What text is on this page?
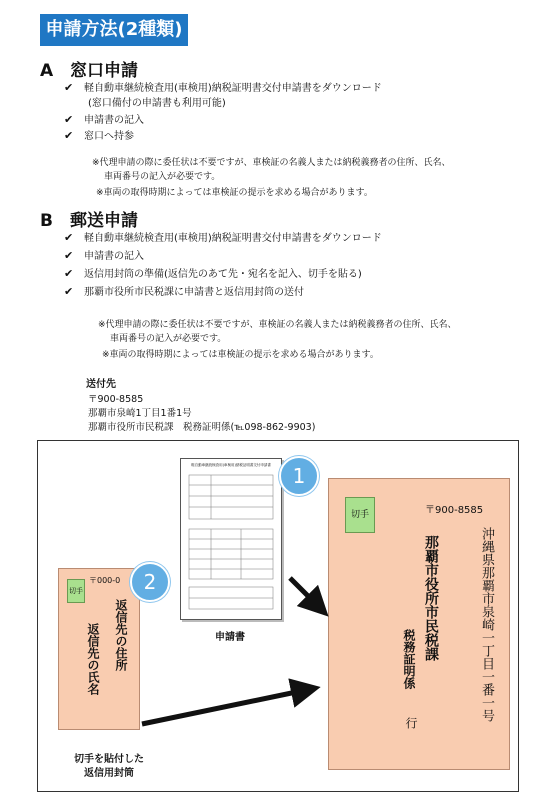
申請方法(2種類)
A 窓口申請
✔ 軽自動車継続検査用(車検用)納税証明書交付申請書をダウンロード
(窓口備付の申請書も利用可能)
✔ 申請書の記入
✔ 窓口へ持参
※代理申請の際に委任状は不要ですが、車検証の名義人または納税義務者の住所、氏名、
車両番号の記入が必要です。
※車両の取得時期によっては車検証の提示を求める場合があります。
B 郵送申請
✔ 軽自動車継続検査用(車検用)納税証明書交付申請書をダウンロード
✔ 申請書の記入
✔ 返信用封筒の準備(返信先のあて先・宛名を記入、切手を貼る)
✔ 那覇市役所市民税課に申請書と返信用封筒の送付
※代理申請の際に委任状は不要ですが、車検証の名義人または納税義務者の住所、氏名、
車両番号の記入が必要です。
※車両の取得時期によっては車検証の提示を求める場合があります。
送付先
〒900-8585
那覇市泉崎1丁目1番1号
那覇市役所市民税課　税務証明係(℡098-862-9903)
軽自動車継続検査用(車検用)納税証明書交付申請書
申請書
1
切手	〒900-8585
沖縄県那覇市泉崎一丁目一番一号
那覇市役所市民税課
税務証明係
行
切手
〒000-0
返信先の住所
返信先の氏名
2
切手を貼付した
返信用封筒
